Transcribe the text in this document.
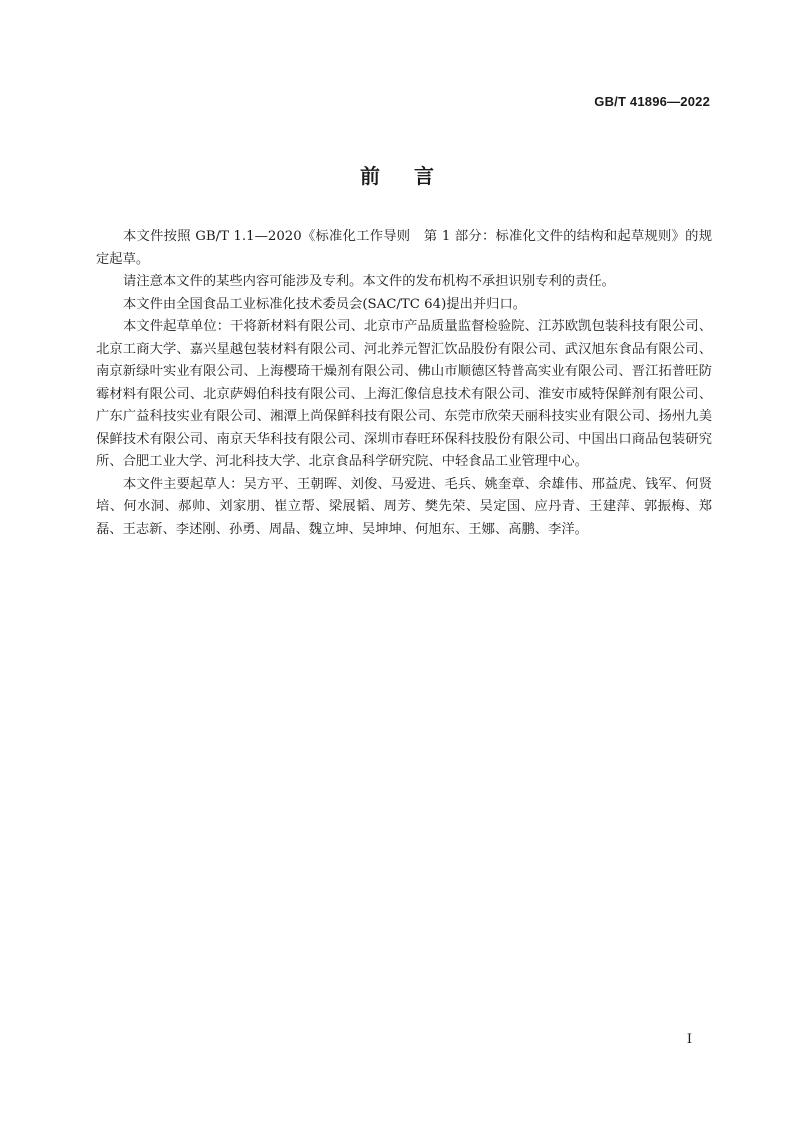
GB/T 41896—2022
前 言

本文件按照 GB/T 1.1—2020《标准化工作导则　第 1 部分：标准化文件的结构和起草规则》的规定起草。

请注意本文件的某些内容可能涉及专利。本文件的发布机构不承担识别专利的责任。

本文件由全国食品工业标准化技术委员会(SAC/TC 64)提出并归口。

本文件起草单位：干将新材料有限公司、北京市产品质量监督检验院、江苏欧凯包装科技有限公司、北京工商大学、嘉兴星越包装材料有限公司、河北养元智汇饮品股份有限公司、武汉旭东食品有限公司、南京新绿叶实业有限公司、上海樱琦干燥剂有限公司、佛山市顺德区特普高实业有限公司、晋江拓普旺防霉材料有限公司、北京萨姆伯科技有限公司、上海汇像信息技术有限公司、淮安市威特保鲜剂有限公司、广东广益科技实业有限公司、湘潭上尚保鲜科技有限公司、东莞市欣荣天丽科技实业有限公司、扬州九美保鲜技术有限公司、南京天华科技有限公司、深圳市春旺环保科技股份有限公司、中国出口商品包装研究所、合肥工业大学、河北科技大学、北京食品科学研究院、中轻食品工业管理中心。

本文件主要起草人：吴方平、王朝晖、刘俊、马爱进、毛兵、姚奎章、余雄伟、邢益虎、钱军、何贤培、何水洞、郝帅、刘家朋、崔立帮、梁展韬、周芳、樊先荣、吴定国、应丹青、王建萍、郭振梅、郑磊、王志新、李述刚、孙勇、周晶、魏立坤、吴坤坤、何旭东、王娜、高鹏、李洋。

I
